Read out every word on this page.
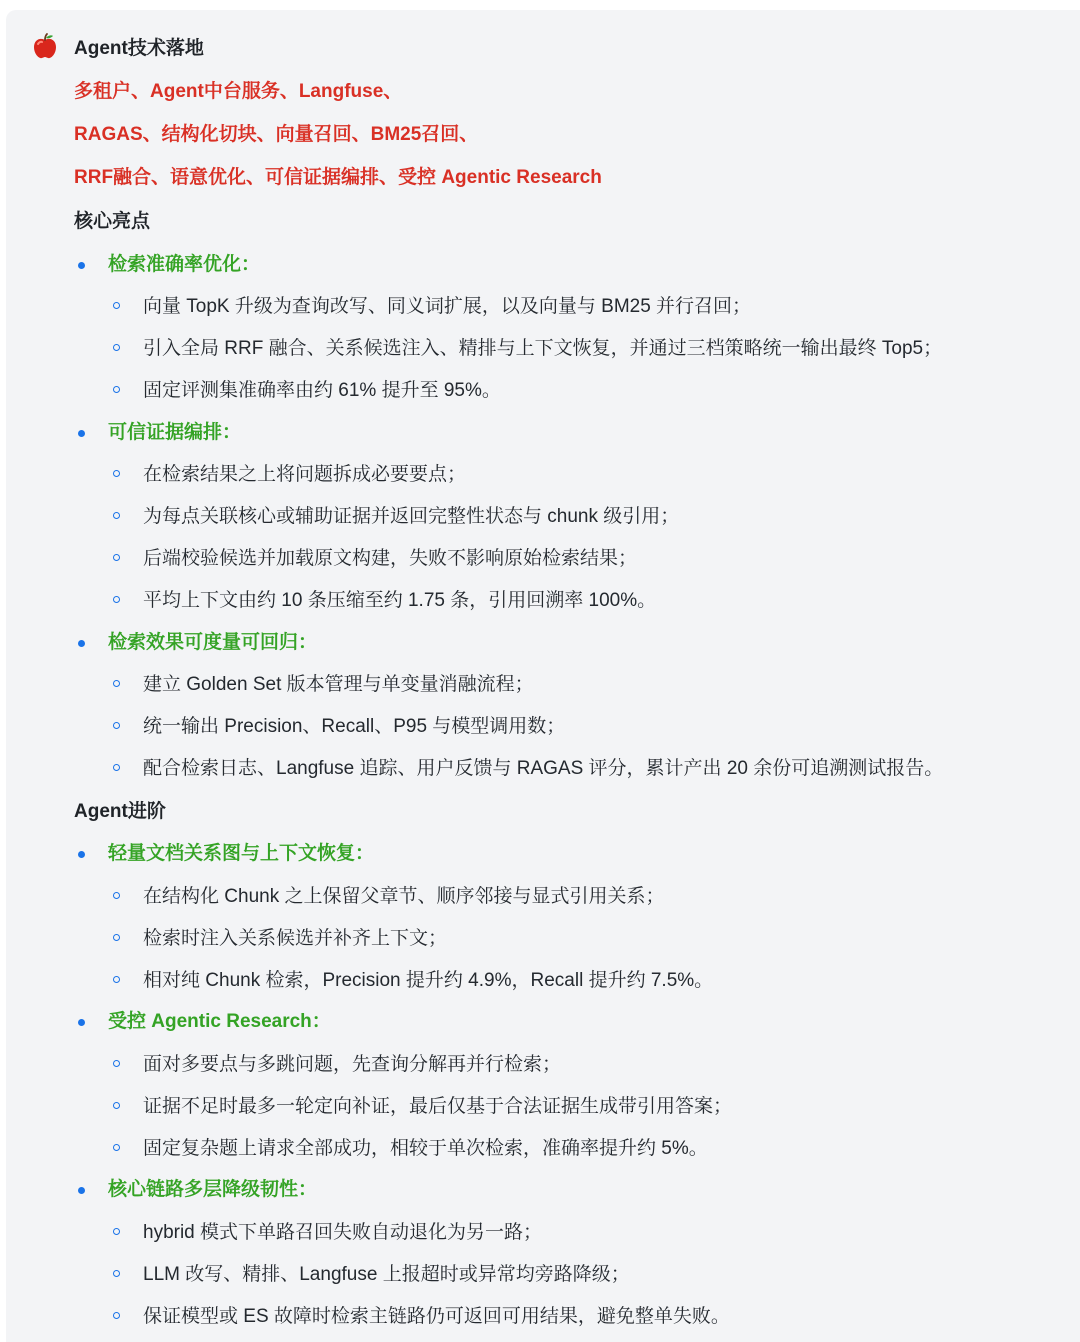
Agent技术落地
多租户、Agent中台服务、Langfuse、
RAGAS、结构化切块、向量召回、BM25召回、
RRF融合、语意优化、可信证据编排、受控 Agentic Research
核心亮点
检索准确率优化：
向量 TopK 升级为查询改写、同义词扩展，以及向量与 BM25 并行召回；
引入全局 RRF 融合、关系候选注入、精排与上下文恢复，并通过三档策略统一输出最终 Top5；
固定评测集准确率由约 61% 提升至 95%。
可信证据编排：
在检索结果之上将问题拆成必要要点；
为每点关联核心或辅助证据并返回完整性状态与 chunk 级引用；
后端校验候选并加载原文构建，失败不影响原始检索结果；
平均上下文由约 10 条压缩至约 1.75 条，引用回溯率 100%。
检索效果可度量可回归：
建立 Golden Set 版本管理与单变量消融流程；
统一输出 Precision、Recall、P95 与模型调用数；
配合检索日志、Langfuse 追踪、用户反馈与 RAGAS 评分，累计产出 20 余份可追溯测试报告。
Agent进阶
轻量文档关系图与上下文恢复：
在结构化 Chunk 之上保留父章节、顺序邻接与显式引用关系；
检索时注入关系候选并补齐上下文；
相对纯 Chunk 检索，Precision 提升约 4.9%，Recall 提升约 7.5%。
受控 Agentic Research：
面对多要点与多跳问题，先查询分解再并行检索；
证据不足时最多一轮定向补证，最后仅基于合法证据生成带引用答案；
固定复杂题上请求全部成功，相较于单次检索，准确率提升约 5%。
核心链路多层降级韧性：
hybrid 模式下单路召回失败自动退化为另一路；
LLM 改写、精排、Langfuse 上报超时或异常均旁路降级；
保证模型或 ES 故障时检索主链路仍可返回可用结果，避免整单失败。
